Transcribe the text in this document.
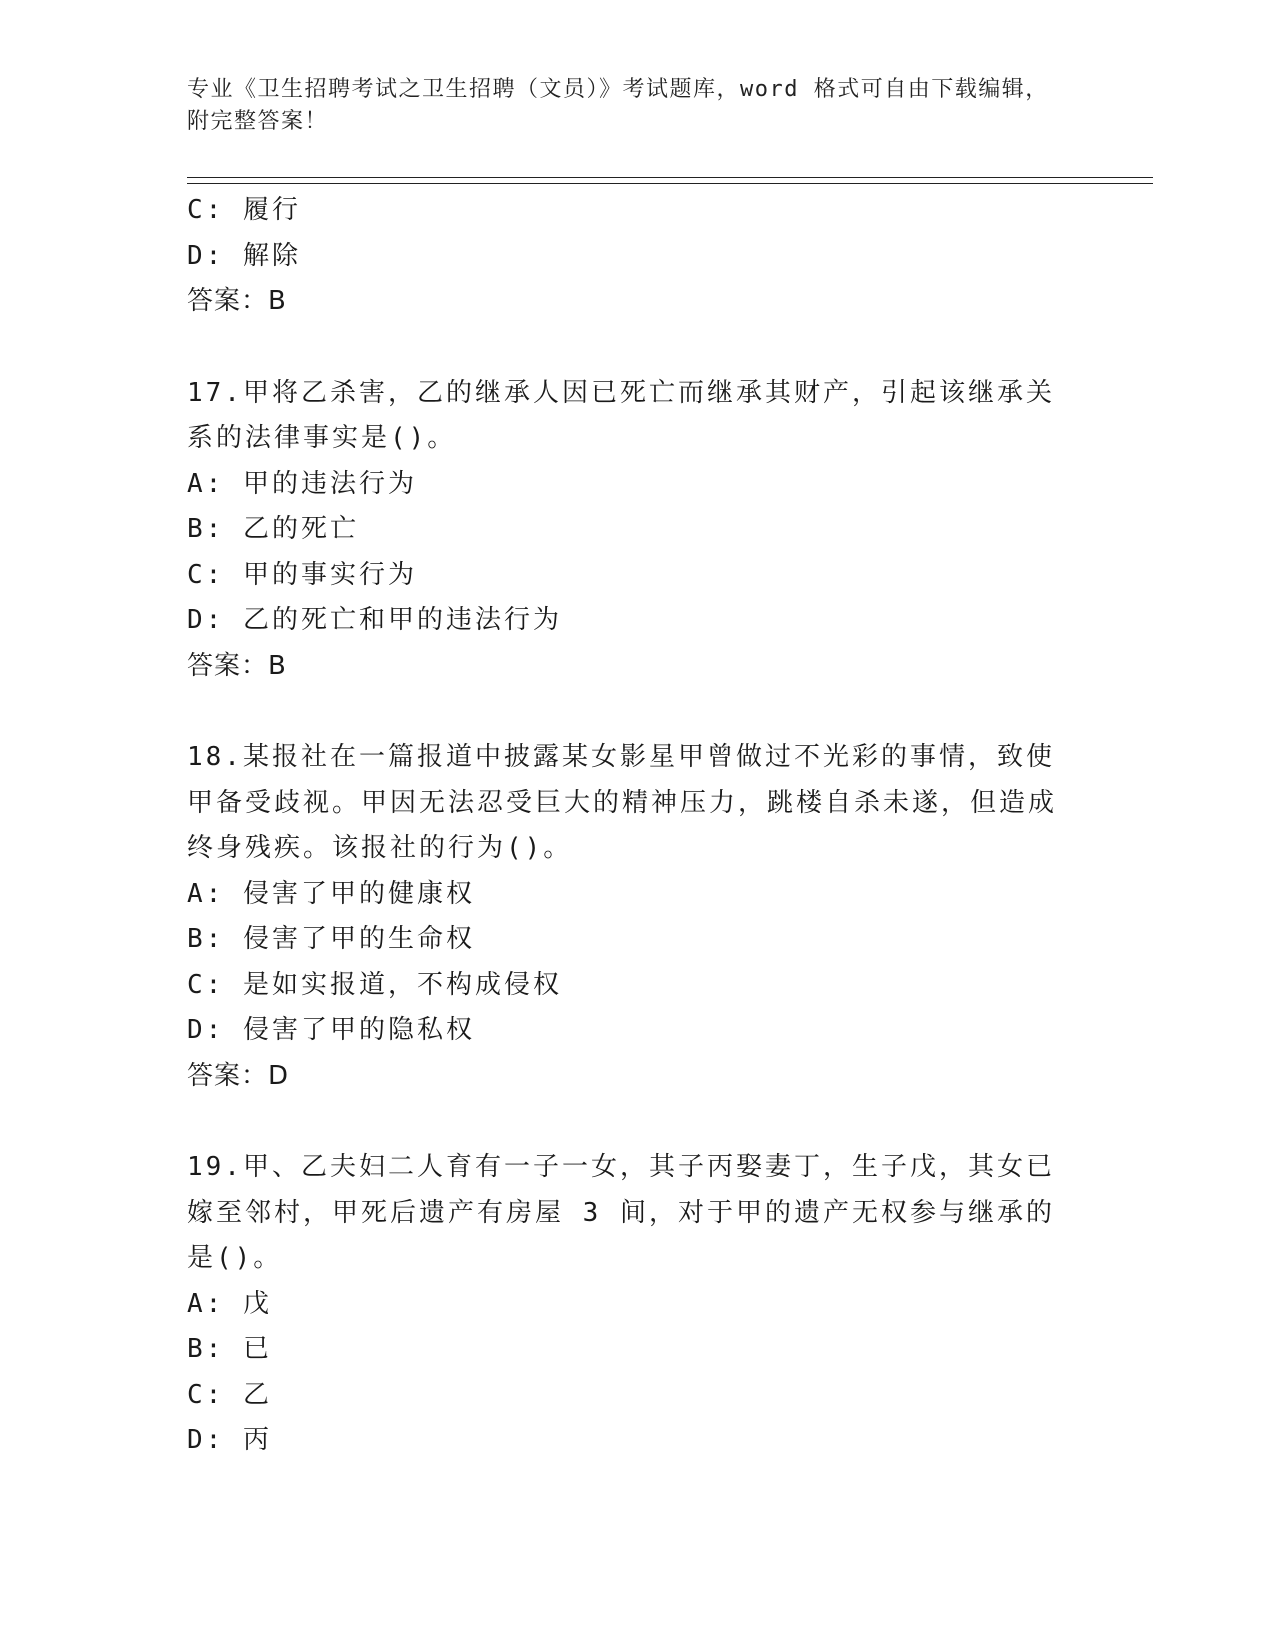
专业《卫生招聘考试之卫生招聘（文员）》考试题库，word 格式可自由下载编辑，附完整答案！
C: 履行
D: 解除
答案：B
17.甲将乙杀害，乙的继承人因已死亡而继承其财产，引起该继承关系的法律事实是()。
A: 甲的违法行为
B: 乙的死亡
C: 甲的事实行为
D: 乙的死亡和甲的违法行为
答案：B
18.某报社在一篇报道中披露某女影星甲曾做过不光彩的事情，致使甲备受歧视。甲因无法忍受巨大的精神压力，跳楼自杀未遂，但造成终身残疾。该报社的行为()。
A: 侵害了甲的健康权
B: 侵害了甲的生命权
C: 是如实报道，不构成侵权
D: 侵害了甲的隐私权
答案：D
19.甲、乙夫妇二人育有一子一女，其子丙娶妻丁，生子戊，其女已嫁至邻村，甲死后遗产有房屋 3 间，对于甲的遗产无权参与继承的是()。
A: 戊
B: 已
C: 乙
D: 丙
